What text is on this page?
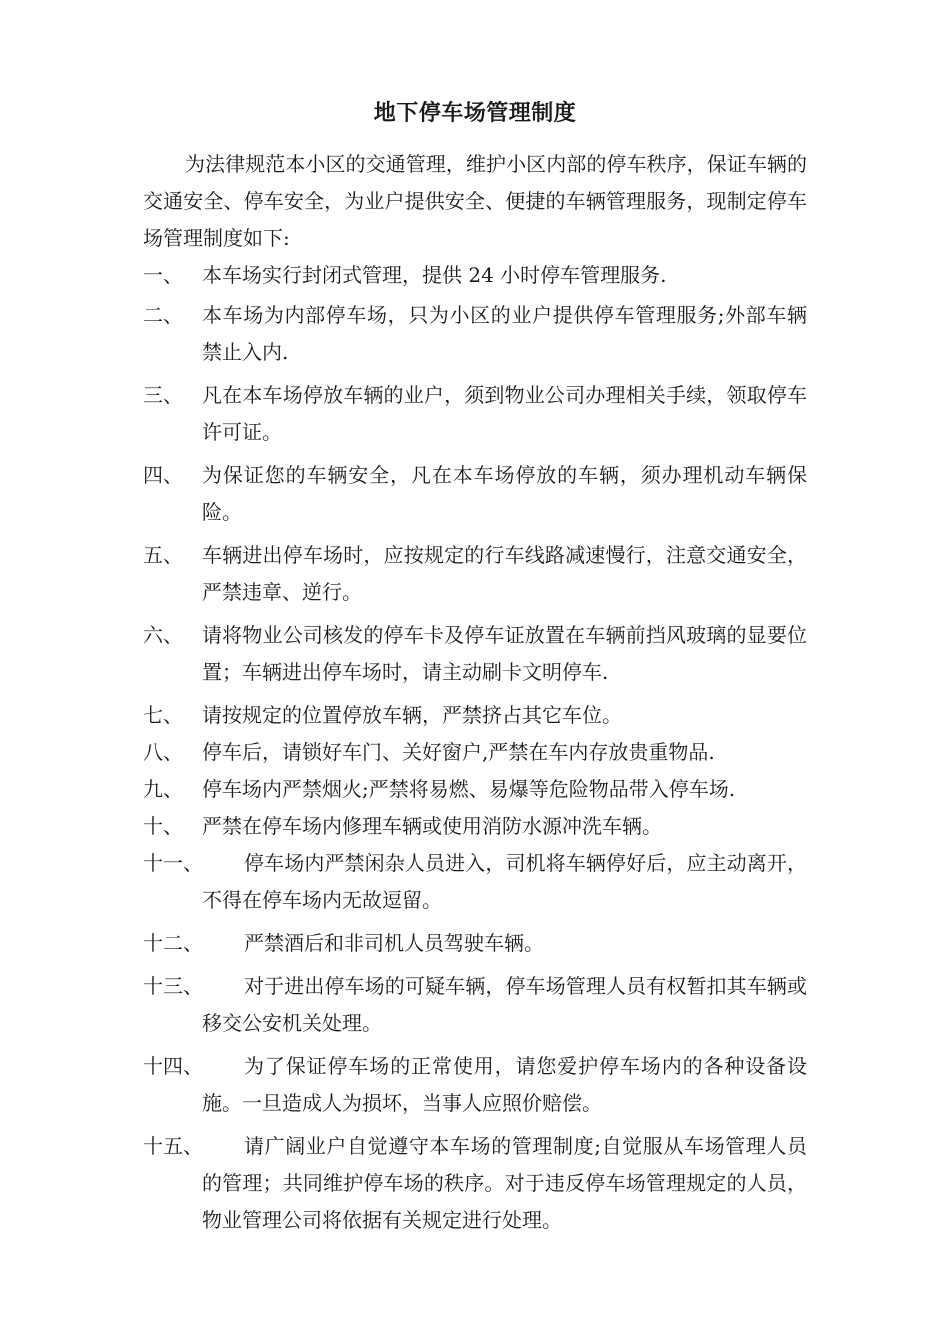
地下停车场管理制度

为法律规范本小区的交通管理，维护小区内部的停车秩序，保证车辆的交通安全、停车安全，为业户提供安全、便捷的车辆管理服务，现制定停车场管理制度如下:

一、 本车场实行封闭式管理，提供 24 小时停车管理服务.
二、 本车场为内部停车场，只为小区的业户提供停车管理服务;外部车辆禁止入内.
三、 凡在本车场停放车辆的业户，须到物业公司办理相关手续，领取停车许可证。
四、 为保证您的车辆安全，凡在本车场停放的车辆，须办理机动车辆保险。
五、 车辆进出停车场时，应按规定的行车线路减速慢行，注意交通安全，严禁违章、逆行。
六、 请将物业公司核发的停车卡及停车证放置在车辆前挡风玻璃的显要位置；车辆进出停车场时，请主动刷卡文明停车.
七、 请按规定的位置停放车辆，严禁挤占其它车位。
八、 停车后，请锁好车门、关好窗户,严禁在车内存放贵重物品.
九、 停车场内严禁烟火;严禁将易燃、易爆等危险物品带入停车场.
十、 严禁在停车场内修理车辆或使用消防水源冲洗车辆。
十一、	停车场内严禁闲杂人员进入，司机将车辆停好后，应主动离开，不得在停车场内无故逗留。
十二、	严禁酒后和非司机人员驾驶车辆。
十三、	对于进出停车场的可疑车辆，停车场管理人员有权暂扣其车辆或移交公安机关处理。
十四、	为了保证停车场的正常使用，请您爱护停车场内的各种设备设施。一旦造成人为损坏，当事人应照价赔偿。
十五、	请广阔业户自觉遵守本车场的管理制度;自觉服从车场管理人员的管理；共同维护停车场的秩序。对于违反停车场管理规定的人员，物业管理公司将依据有关规定进行处理。
